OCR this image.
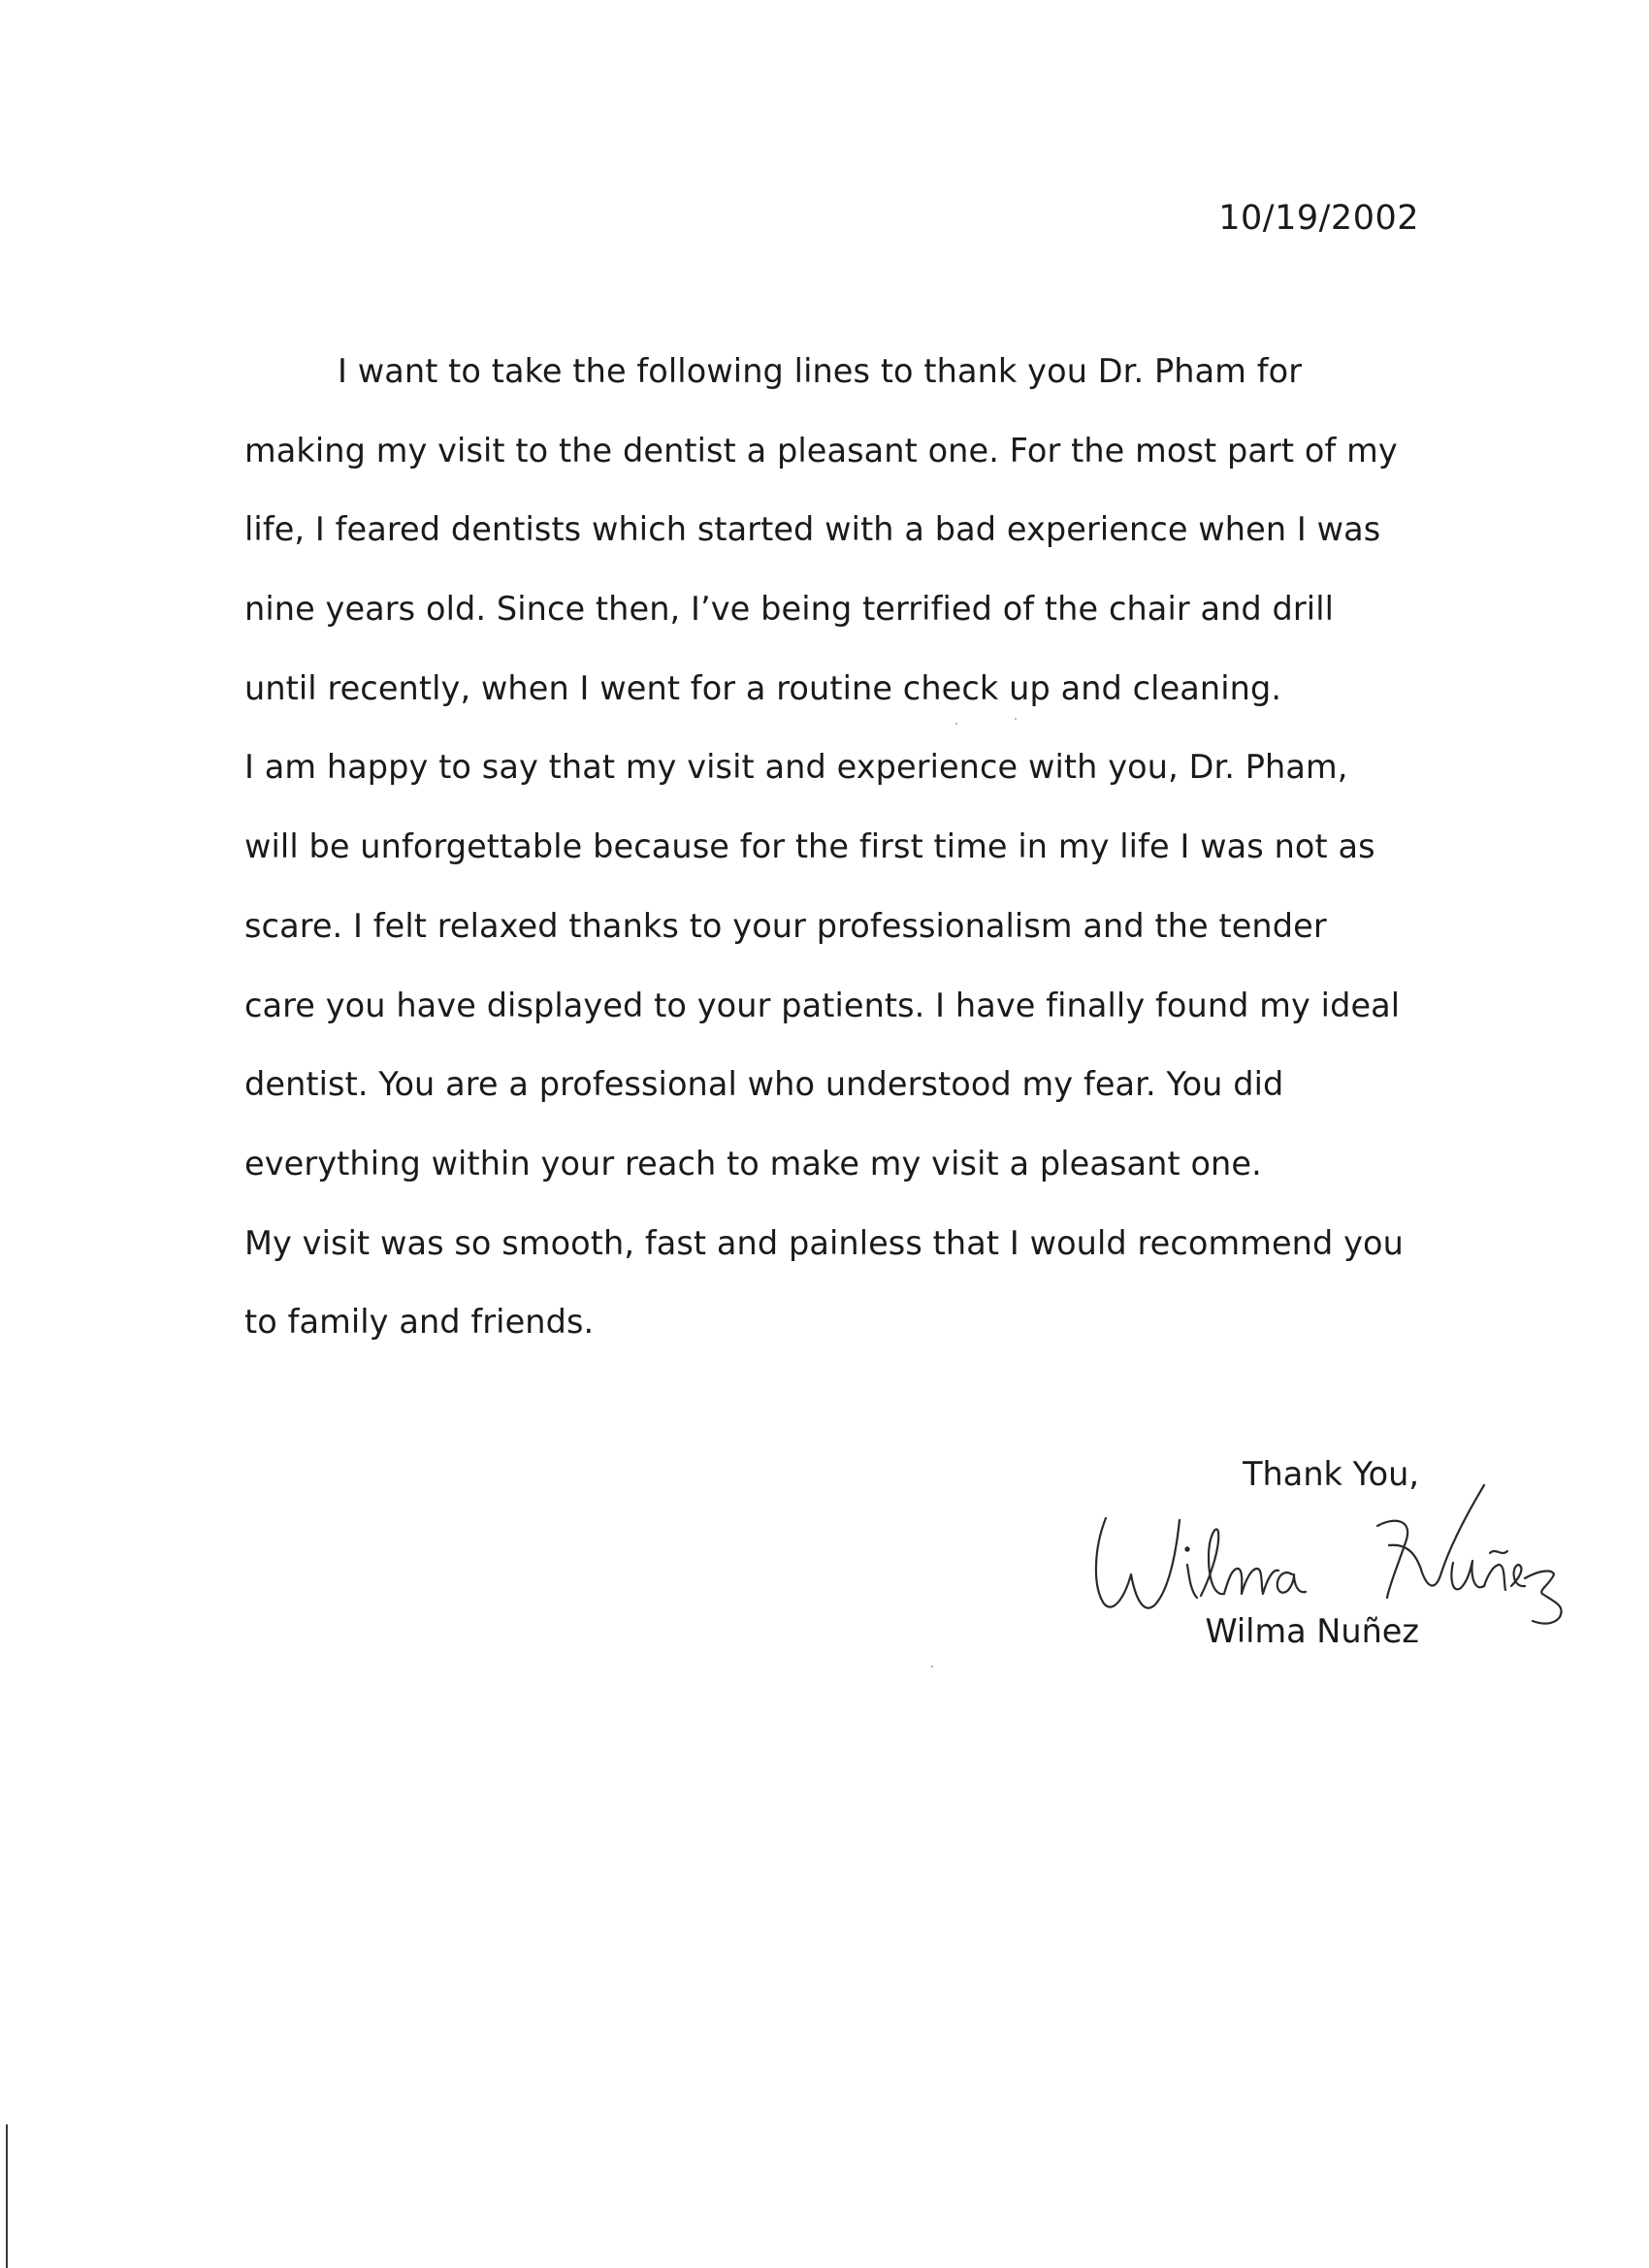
10/19/2002
I want to take the following lines to thank you Dr. Pham for
making my visit to the dentist a pleasant one. For the most part of my
life, I feared dentists which started with a bad experience when I was
nine years old. Since then, I’ve being terrified of the chair and drill
until recently, when I went for a routine check up and cleaning.
I am happy to say that my visit and experience with you, Dr. Pham,
will be unforgettable because for the first time in my life I was not as
scare. I felt relaxed thanks to your professionalism and the tender
care you have displayed to your patients. I have finally found my ideal
dentist. You are a professional who understood my fear. You did
everything within your reach to make my visit a pleasant one.
My visit was so smooth, fast and painless that I would recommend you
to family and friends.
Thank You,
Wilma Nuñez
